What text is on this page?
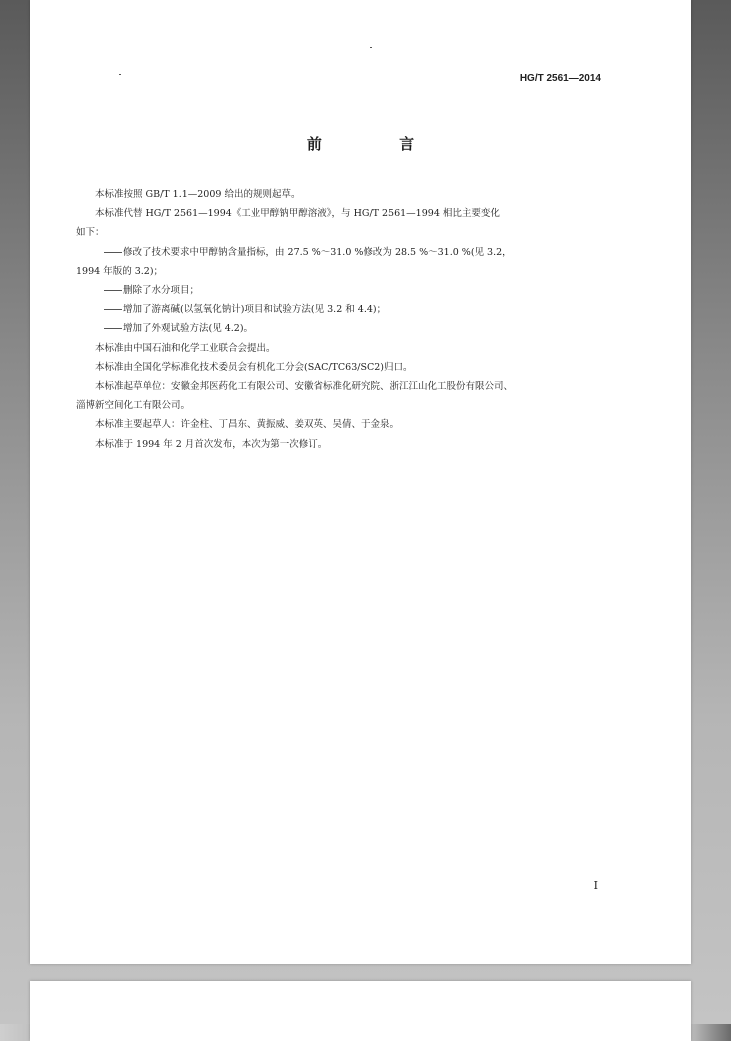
HG/T 2561—2014
前 言
本标准按照 GB/T 1.1—2009 给出的规则起草。
本标准代替 HG/T 2561—1994《工业甲醇钠甲醇溶液》，与 HG/T 2561—1994 相比主要变化
如下：
修改了技术要求中甲醇钠含量指标，由 27.5 %～31.0 %修改为 28.5 %～31.0 %(见 3.2，
1994 年版的 3.2)；
删除了水分项目；
增加了游离碱(以氢氧化钠计)项目和试验方法(见 3.2 和 4.4)；
增加了外观试验方法(见 4.2)。
本标准由中国石油和化学工业联合会提出。
本标准由全国化学标准化技术委员会有机化工分会(SAC/TC63/SC2)归口。
本标准起草单位：安徽金邦医药化工有限公司、安徽省标准化研究院、浙江江山化工股份有限公司、
淄博新空间化工有限公司。
本标准主要起草人：许金柱、丁昌东、黄振威、姜双英、吴倩、于金泉。
本标准于 1994 年 2 月首次发布，本次为第一次修订。
I
